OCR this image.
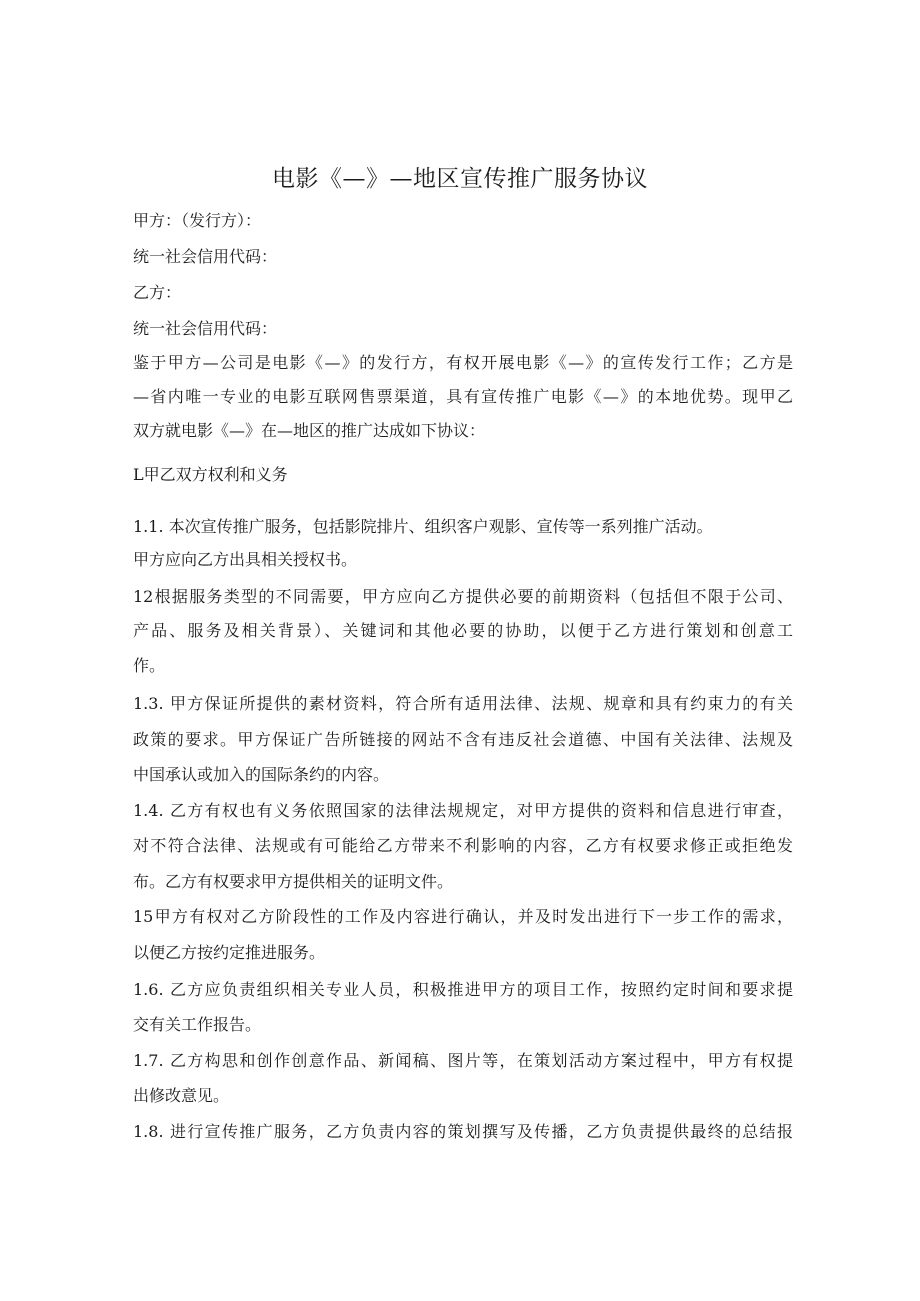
电影《—》—地区宣传推广服务协议
甲方：（发行方）：
统一社会信用代码：
乙方：
统一社会信用代码：
鉴于甲方—公司是电影《—》的发行方，有权开展电影《—》的宣传发行工作；乙方是
—省内唯一专业的电影互联网售票渠道，具有宣传推广电影《—》的本地优势。现甲乙
双方就电影《—》在—地区的推广达成如下协议：
L甲乙双方权利和义务
1.1. 本次宣传推广服务，包括影院排片、组织客户观影、宣传等一系列推广活动。
甲方应向乙方出具相关授权书。
12根据服务类型的不同需要，甲方应向乙方提供必要的前期资料（包括但不限于公司、
产品、服务及相关背景）、关键词和其他必要的协助，以便于乙方进行策划和创意工
作。
1.3. 甲方保证所提供的素材资料，符合所有适用法律、法规、规章和具有约束力的有关
政策的要求。甲方保证广告所链接的网站不含有违反社会道德、中国有关法律、法规及
中国承认或加入的国际条约的内容。
1.4. 乙方有权也有义务依照国家的法律法规规定，对甲方提供的资料和信息进行审查，
对不符合法律、法规或有可能给乙方带来不利影响的内容，乙方有权要求修正或拒绝发
布。乙方有权要求甲方提供相关的证明文件。
15甲方有权对乙方阶段性的工作及内容进行确认，并及时发出进行下一步工作的需求，
以便乙方按约定推进服务。
1.6. 乙方应负责组织相关专业人员，积极推进甲方的项目工作，按照约定时间和要求提
交有关工作报告。
1.7. 乙方构思和创作创意作品、新闻稿、图片等，在策划活动方案过程中，甲方有权提
出修改意见。
1.8. 进行宣传推广服务，乙方负责内容的策划撰写及传播，乙方负责提供最终的总结报
